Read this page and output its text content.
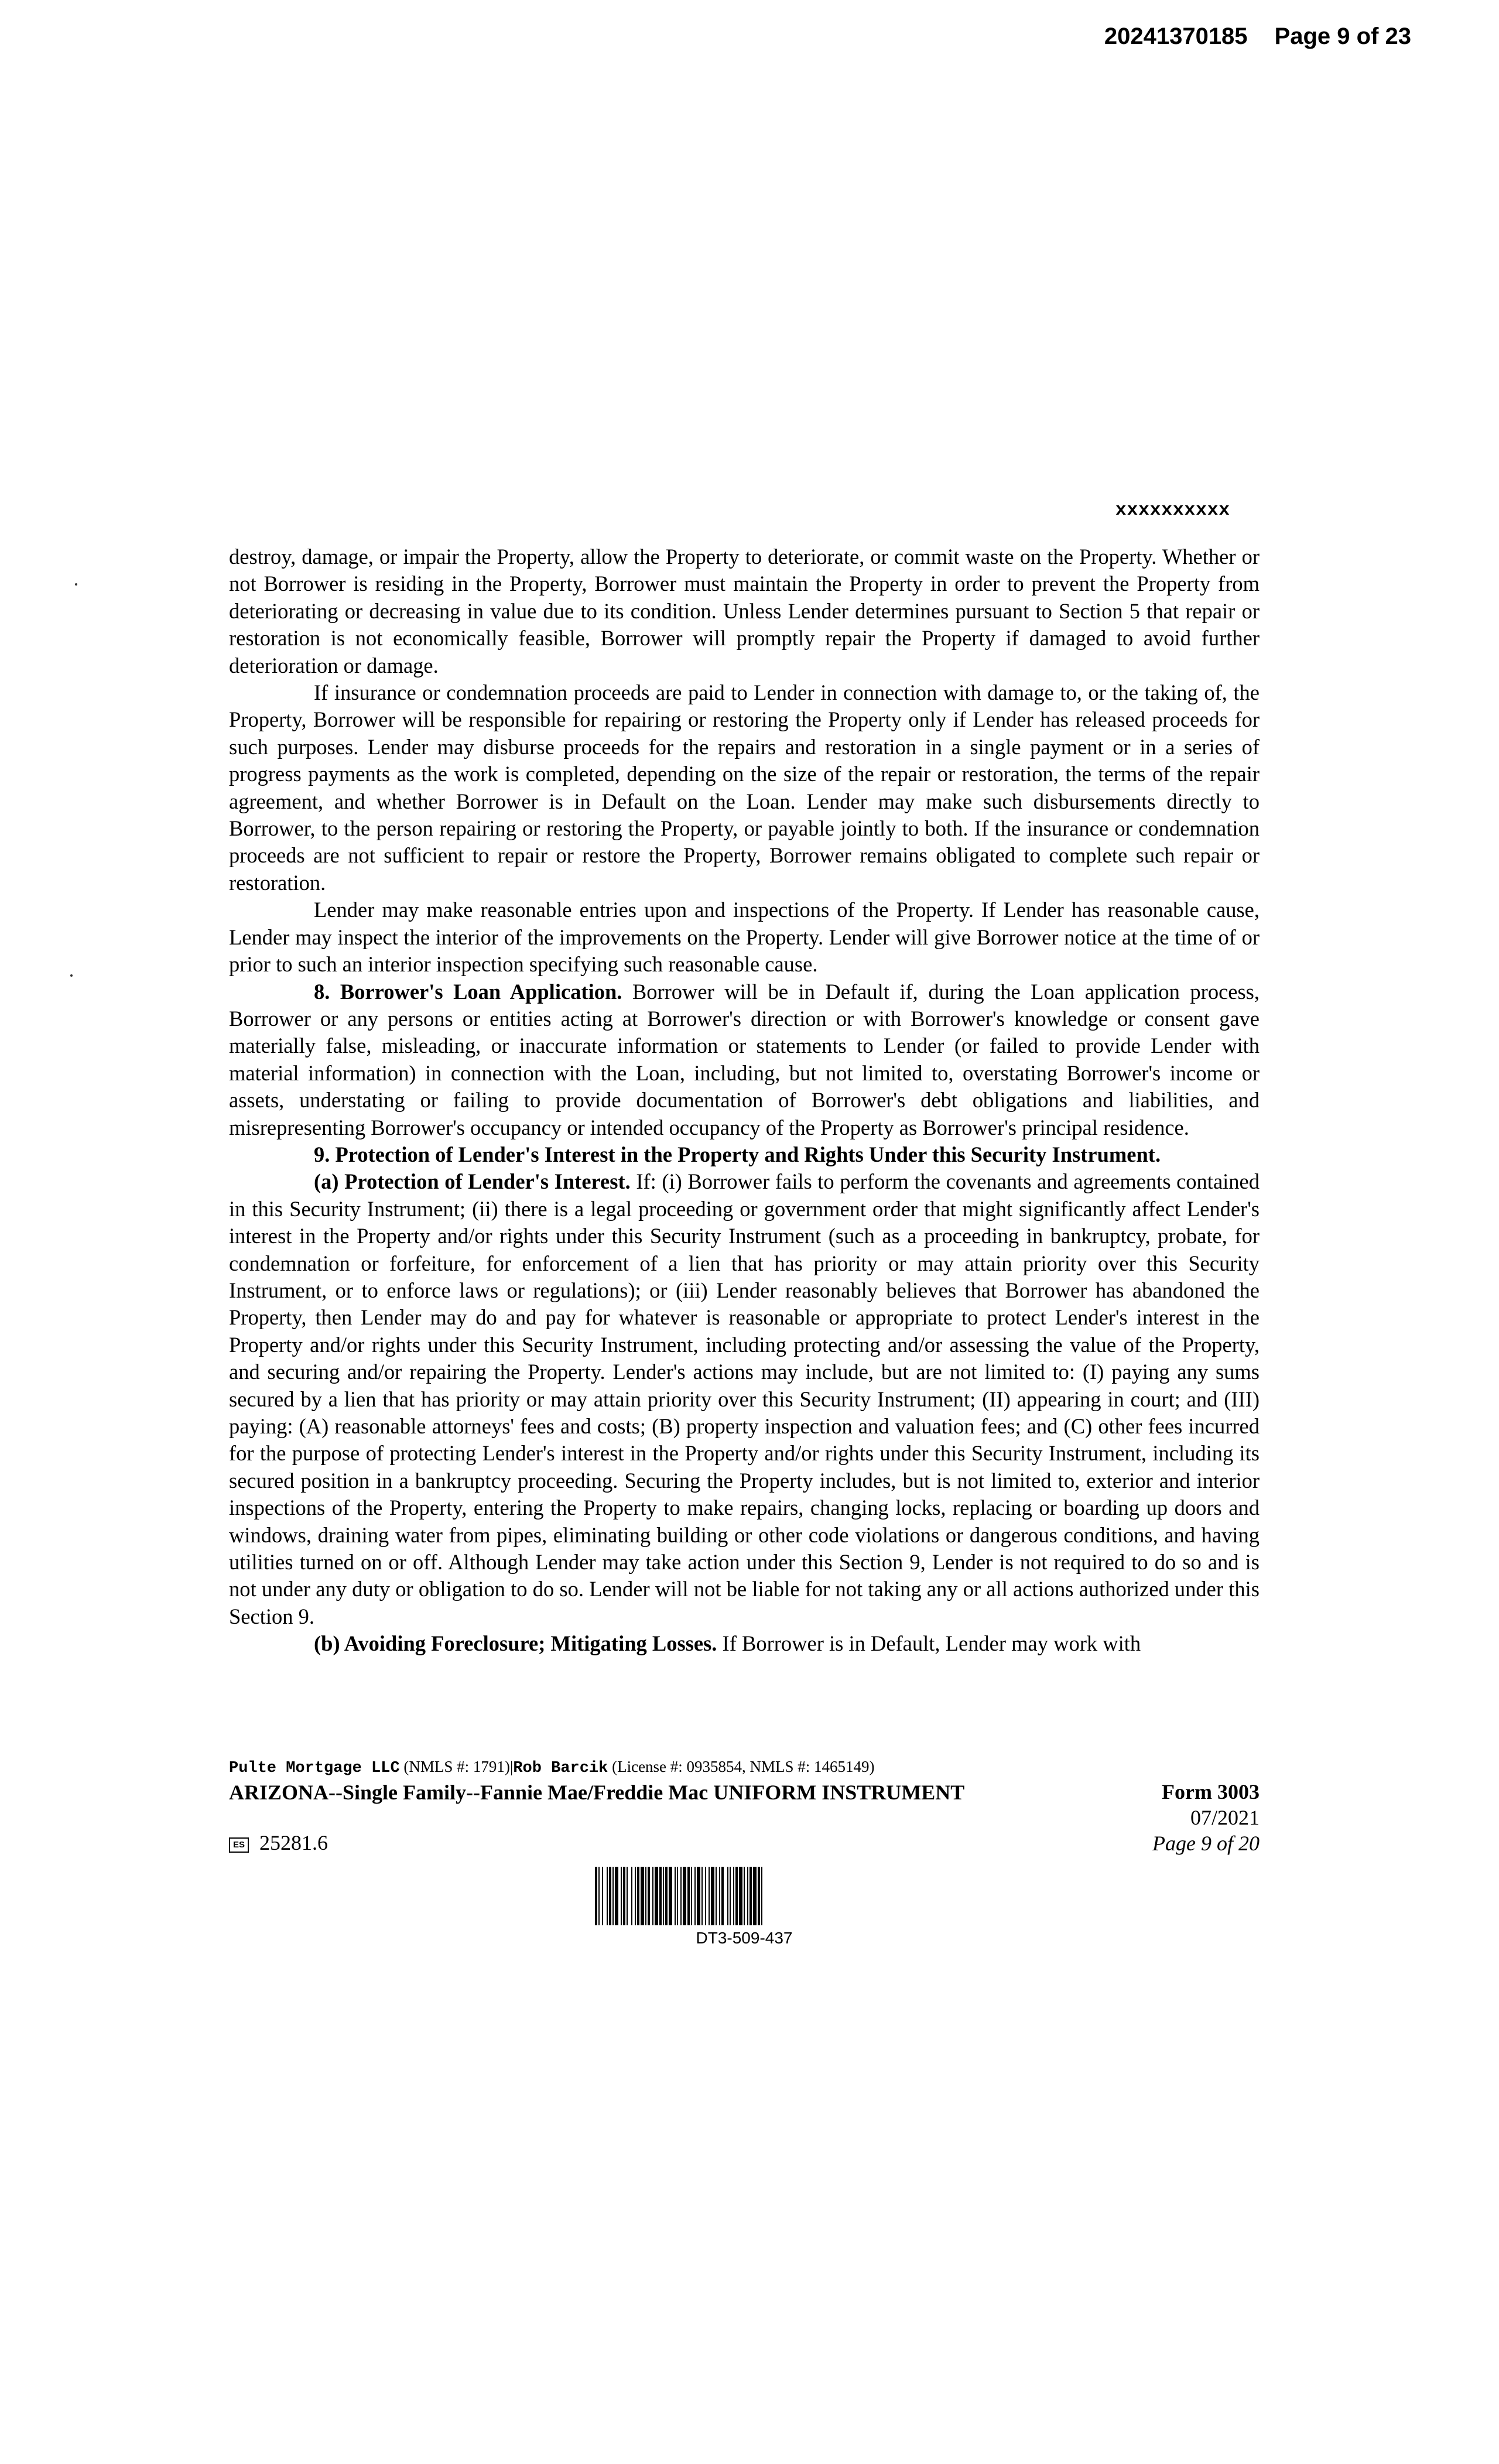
20241370185 Page 9 of 23
xxxxxxxxxx

destroy, damage, or impair the Property, allow the Property to deteriorate, or commit waste on the Property. Whether or not Borrower is residing in the Property, Borrower must maintain the Property in order to prevent the Property from deteriorating or decreasing in value due to its condition. Unless Lender determines pursuant to Section 5 that repair or restoration is not economically feasible, Borrower will promptly repair the Property if damaged to avoid further deterioration or damage.

If insurance or condemnation proceeds are paid to Lender in connection with damage to, or the taking of, the Property, Borrower will be responsible for repairing or restoring the Property only if Lender has released proceeds for such purposes. Lender may disburse proceeds for the repairs and restoration in a single payment or in a series of progress payments as the work is completed, depending on the size of the repair or restoration, the terms of the repair agreement, and whether Borrower is in Default on the Loan. Lender may make such disbursements directly to Borrower, to the person repairing or restoring the Property, or payable jointly to both. If the insurance or condemnation proceeds are not sufficient to repair or restore the Property, Borrower remains obligated to complete such repair or restoration.

Lender may make reasonable entries upon and inspections of the Property. If Lender has reasonable cause, Lender may inspect the interior of the improvements on the Property. Lender will give Borrower notice at the time of or prior to such an interior inspection specifying such reasonable cause.

8. Borrower's Loan Application. Borrower will be in Default if, during the Loan application process, Borrower or any persons or entities acting at Borrower's direction or with Borrower's knowledge or consent gave materially false, misleading, or inaccurate information or statements to Lender (or failed to provide Lender with material information) in connection with the Loan, including, but not limited to, overstating Borrower's income or assets, understating or failing to provide documentation of Borrower's debt obligations and liabilities, and misrepresenting Borrower's occupancy or intended occupancy of the Property as Borrower's principal residence.

9. Protection of Lender's Interest in the Property and Rights Under this Security Instrument.

(a) Protection of Lender's Interest. If: (i) Borrower fails to perform the covenants and agreements contained in this Security Instrument; (ii) there is a legal proceeding or government order that might significantly affect Lender's interest in the Property and/or rights under this Security Instrument (such as a proceeding in bankruptcy, probate, for condemnation or forfeiture, for enforcement of a lien that has priority or may attain priority over this Security Instrument, or to enforce laws or regulations); or (iii) Lender reasonably believes that Borrower has abandoned the Property, then Lender may do and pay for whatever is reasonable or appropriate to protect Lender's interest in the Property and/or rights under this Security Instrument, including protecting and/or assessing the value of the Property, and securing and/or repairing the Property. Lender's actions may include, but are not limited to: (I) paying any sums secured by a lien that has priority or may attain priority over this Security Instrument; (II) appearing in court; and (III) paying: (A) reasonable attorneys' fees and costs; (B) property inspection and valuation fees; and (C) other fees incurred for the purpose of protecting Lender's interest in the Property and/or rights under this Security Instrument, including its secured position in a bankruptcy proceeding. Securing the Property includes, but is not limited to, exterior and interior inspections of the Property, entering the Property to make repairs, changing locks, replacing or boarding up doors and windows, draining water from pipes, eliminating building or other code violations or dangerous conditions, and having utilities turned on or off. Although Lender may take action under this Section 9, Lender is not required to do so and is not under any duty or obligation to do so. Lender will not be liable for not taking any or all actions authorized under this Section 9.

(b) Avoiding Foreclosure; Mitigating Losses. If Borrower is in Default, Lender may work with

Pulte Mortgage LLC (NMLS #: 1791)|Rob Barcik (License #: 0935854, NMLS #: 1465149)
ARIZONA--Single Family--Fannie Mae/Freddie Mac UNIFORM INSTRUMENT
ES 25281.6
Form 3003
07/2021
Page 9 of 20
DT3-509-437
